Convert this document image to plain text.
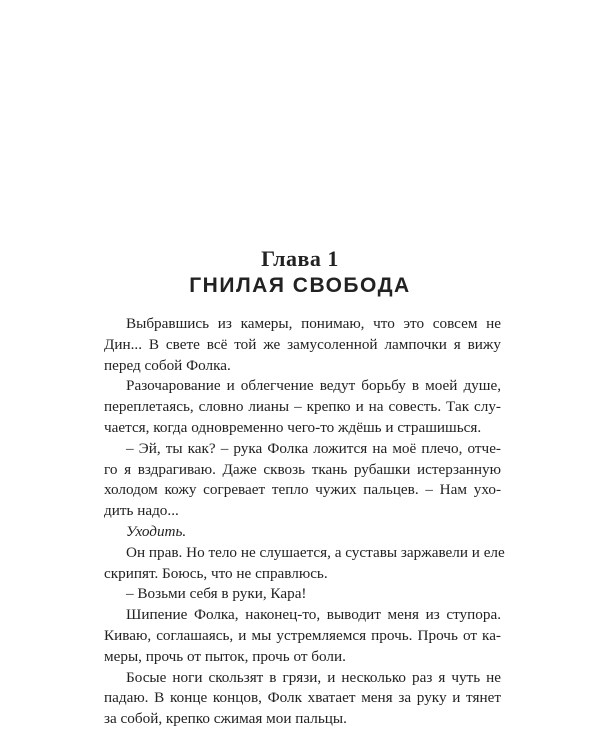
Глава 1
ГНИЛАЯ СВОБОДА
Выбравшись из камеры, понимаю, что это совсем не
Дин... В свете всё той же замусоленной лампочки я вижу
перед собой Фолка.
Разочарование и облегчение ведут борьбу в моей душе,
переплетаясь, словно лианы – крепко и на совесть. Так слу-
чается, когда одновременно чего-то ждёшь и страшишься.
– Эй, ты как? – рука Фолка ложится на моё плечо, отче-
го я вздрагиваю. Даже сквозь ткань рубашки истерзанную
холодом кожу согревает тепло чужих пальцев. – Нам ухо-
дить надо...
Уходить.
Он прав. Но тело не слушается, а суставы заржавели и еле
скрипят. Боюсь, что не справлюсь.
– Возьми себя в руки, Кара!
Шипение Фолка, наконец-то, выводит меня из ступора.
Киваю, соглашаясь, и мы устремляемся прочь. Прочь от ка-
меры, прочь от пыток, прочь от боли.
Босые ноги скользят в грязи, и несколько раз я чуть не
падаю. В конце концов, Фолк хватает меня за руку и тянет
за собой, крепко сжимая мои пальцы.
